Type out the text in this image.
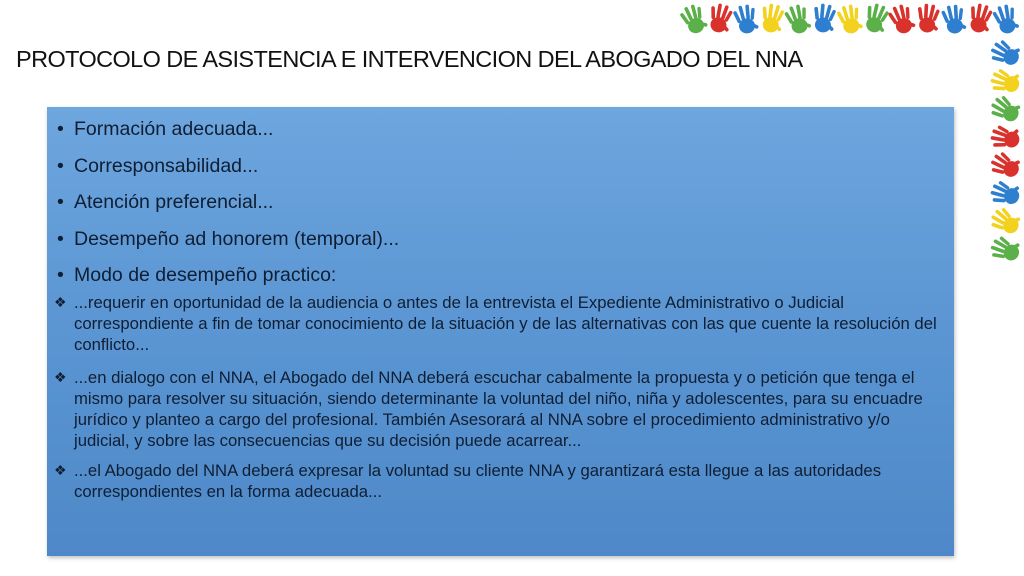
PROTOCOLO DE ASISTENCIA E INTERVENCION DEL ABOGADO DEL NNA
• Formación adecuada...
• Corresponsabilidad...
• Atención preferencial...
• Desempeño ad honorem (temporal)...
• Modo de desempeño practico:
❖ ...requerir en oportunidad de la audiencia o antes de la entrevista el Expediente Administrativo o Judicial correspondiente a fin de tomar conocimiento de la situación y de las alternativas con las que cuente la resolución del conflicto...
❖ ...en dialogo con el NNA, el Abogado del NNA deberá escuchar cabalmente la propuesta y o petición que tenga el mismo para resolver su situación, siendo determinante la voluntad del niño, niña y adolescentes, para su encuadre jurídico y planteo a cargo del profesional. También Asesorará al NNA sobre el procedimiento administrativo y/o judicial, y sobre las consecuencias que su decisión puede acarrear...
❖ ...el Abogado del NNA deberá expresar la voluntad su cliente NNA y garantizará esta llegue a las autoridades correspondientes en la forma adecuada...
